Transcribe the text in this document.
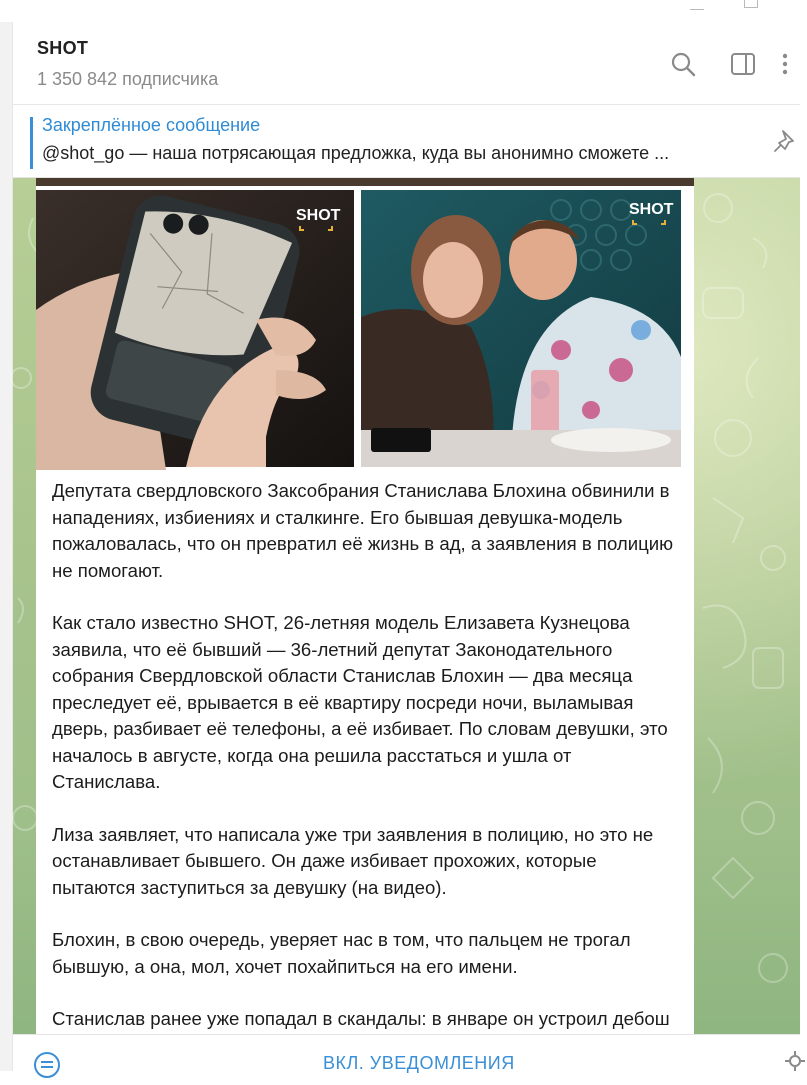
SHOT
1 350 842 подписчика
Закреплённое сообщение
@shot_go — наша потрясающая предложка, куда вы анонимно сможете ...
SHOT	SHOT

Депутата свердловского Заксобрания Станислава Блохина обвинили в нападениях, избиениях и сталкинге. Его бывшая девушка-модель пожаловалась, что он превратил её жизнь в ад, а заявления в полицию не помогают.

Как стало известно SHOT, 26-летняя модель Елизавета Кузнецова заявила, что её бывший — 36-летний депутат Законодательного собрания Свердловской области Станислав Блохин — два месяца преследует её, врывается в её квартиру посреди ночи, выламывая дверь, разбивает её телефоны, а её избивает. По словам девушки, это началось в августе, когда она решила расстаться и ушла от Станислава.

Лиза заявляет, что написала уже три заявления в полицию, но это не останавливает бывшего. Он даже избивает прохожих, которые пытаются заступиться за девушку (на видео).

Блохин, в свою очередь, уверяет нас в том, что пальцем не трогал бывшую, а она, мол, хочет похайпиться на его имени.

Станислав ранее уже попадал в скандалы: в январе он устроил дебош

ВКЛ. УВЕДОМЛЕНИЯ
